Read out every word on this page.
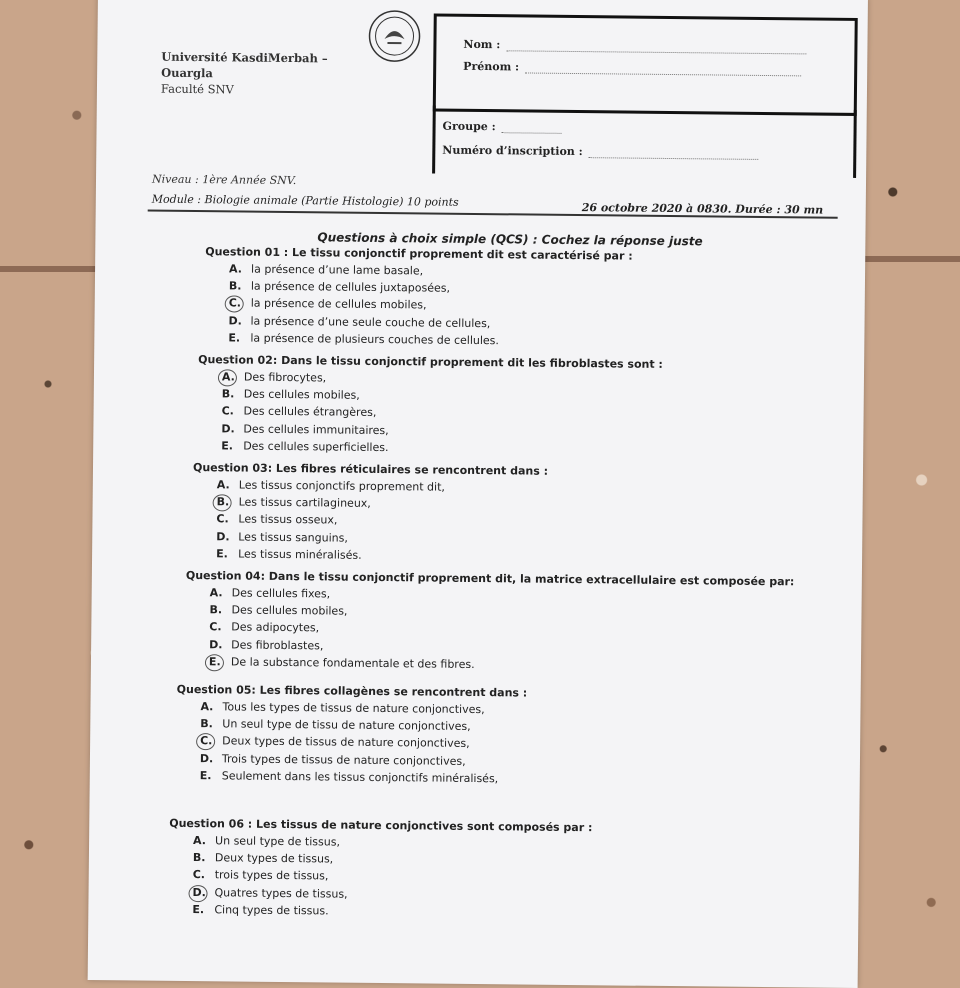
Université KasdiMerbah –
Ouargla
Faculté SNV
Nom :
Prénom :
Groupe :
Numéro d’inscription :
Niveau : 1ère Année SNV.
Module : Biologie animale (Partie Histologie) 10 points
26 octobre 2020 à 0830. Durée : 30 mn
Questions à choix simple (QCS) : Cochez la réponse juste
Question 01 : Le tissu conjonctif proprement dit est caractérisé par :
A. la présence d’une lame basale,
B. la présence de cellules juxtaposées,
C. la présence de cellules mobiles,
D. la présence d’une seule couche de cellules,
E. la présence de plusieurs couches de cellules.
Question 02: Dans le tissu conjonctif proprement dit les fibroblastes sont :
A. Des fibrocytes,
B. Des cellules mobiles,
C. Des cellules étrangères,
D. Des cellules immunitaires,
E. Des cellules superficielles.
Question 03: Les fibres réticulaires se rencontrent dans :
A. Les tissus conjonctifs proprement dit,
B. Les tissus cartilagineux,
C. Les tissus osseux,
D. Les tissus sanguins,
E. Les tissus minéralisés.
Question 04: Dans le tissu conjonctif proprement dit, la matrice extracellulaire est composée par:
A. Des cellules fixes,
B. Des cellules mobiles,
C. Des adipocytes,
D. Des fibroblastes,
E. De la substance fondamentale et des fibres.
Question 05: Les fibres collagènes se rencontrent dans :
A. Tous les types de tissus de nature conjonctives,
B. Un seul type de tissu de nature conjonctives,
C. Deux types de tissus de nature conjonctives,
D. Trois types de tissus de nature conjonctives,
E. Seulement dans les tissus conjonctifs minéralisés,
Question 06 : Les tissus de nature conjonctives sont composés par :
A. Un seul type de tissus,
B. Deux types de tissus,
C. trois types de tissus,
D. Quatres types de tissus,
E. Cinq types de tissus.
